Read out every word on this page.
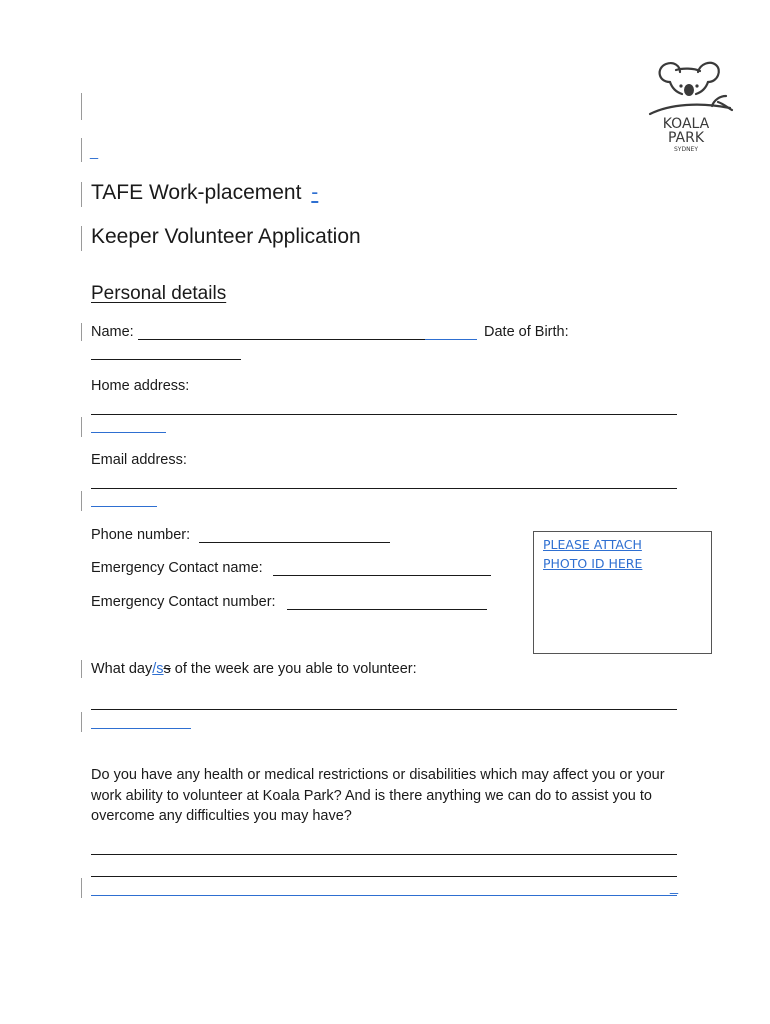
KOALA
PARK
SYDNEY
_
TAFE Work-placement -
Keeper Volunteer Application
Personal details
Name:	Date of Birth:
Home address:
Email address:
Phone number:
Emergency Contact name:
Emergency Contact number:
PLEASE ATTACH
PHOTO ID HERE
What day/ss of the week are you able to volunteer:
Do you have any health or medical restrictions or disabilities which may affect you or your work ability to volunteer at Koala Park? And is there anything we can do to assist you to overcome any difficulties you may have?
_
